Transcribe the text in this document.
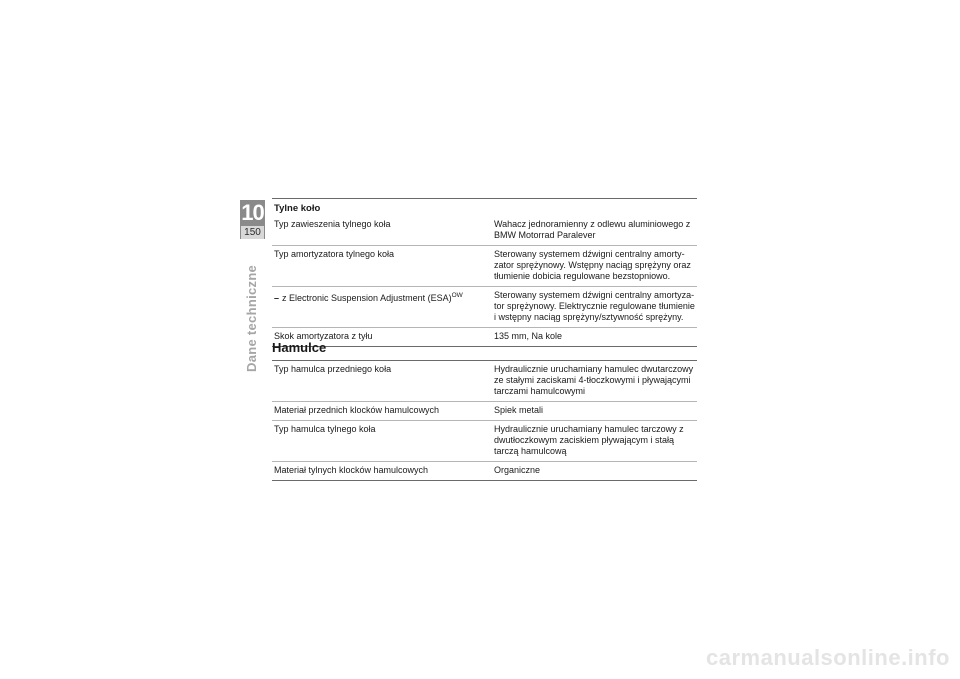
10
150
Dane techniczne
Tylne koło
Typ zawieszenia tylnego koła	Wahacz jednoramienny z odlewu aluminiowego z BMW Motorrad Paralever
Typ amortyzatora tylnego koła	Sterowany systemem dźwigni centralny amorty-zator sprężynowy. Wstępny naciąg sprężyny oraz tłumienie dobicia regulowane bezstopniowo.
– z Electronic Suspension Adjustment (ESA)$^{OW}$	Sterowany systemem dźwigni centralny amortyza-tor sprężynowy. Elektrycznie regulowane tłumienie i wstępny naciąg sprężyny/sztywność sprężyny.
Skok amortyzatora z tyłu	135 mm, Na kole
Hamulce
Typ hamulca przedniego koła	Hydraulicznie uruchamiany hamulec dwutarczowy ze stałymi zaciskami 4-tłoczkowymi i pływającymi tarczami hamulcowymi
Materiał przednich klocków hamulcowych	Spiek metali
Typ hamulca tylnego koła	Hydraulicznie uruchamiany hamulec tarczowy z dwutłoczkowym zaciskiem pływającym i stałą tarczą hamulcową
Materiał tylnych klocków hamulcowych	Organiczne
carmanualsonline.info
